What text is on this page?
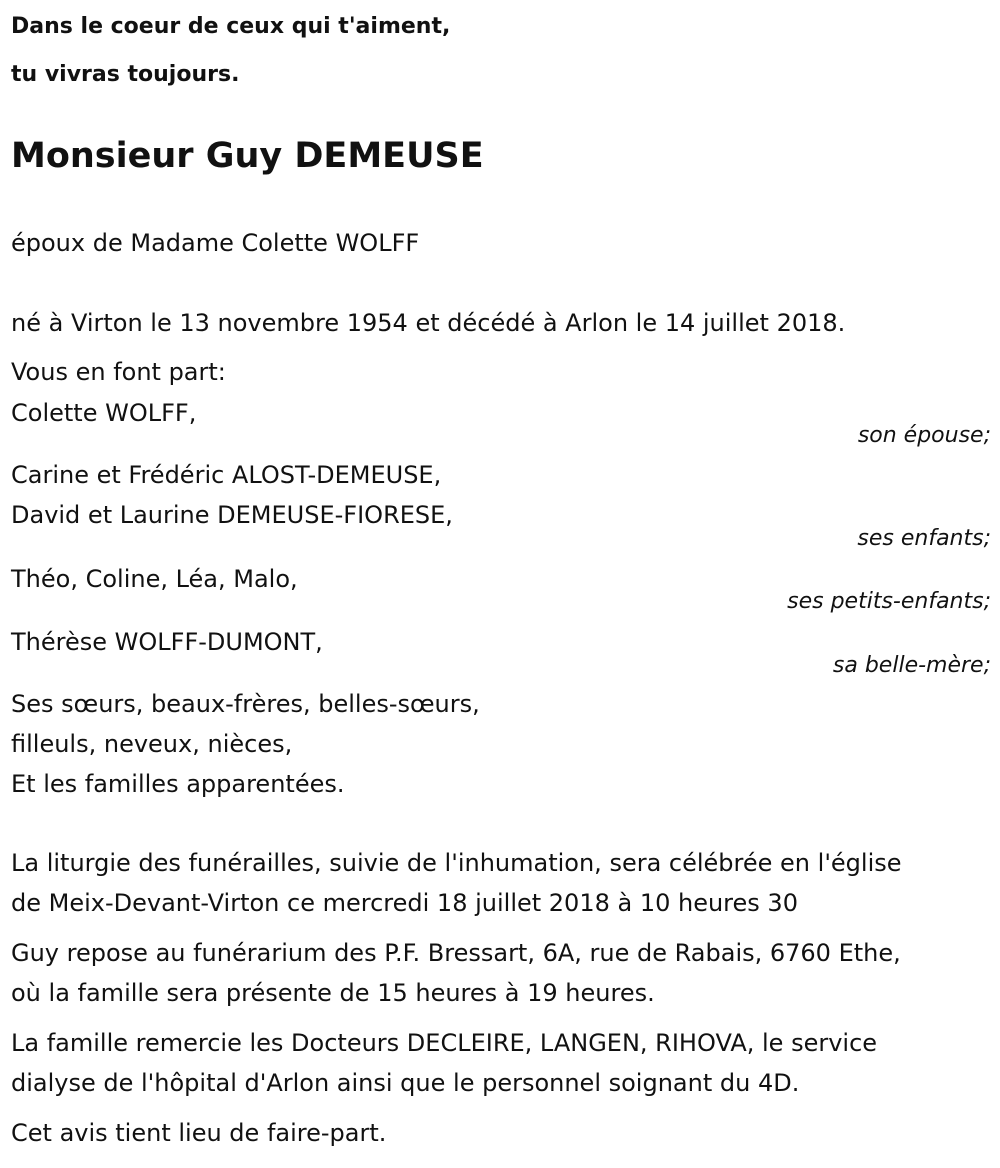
Dans le coeur de ceux qui t'aiment,
tu vivras toujours.
Monsieur Guy DEMEUSE
époux de Madame Colette WOLFF
né à Virton le 13 novembre 1954 et décédé à Arlon le 14 juillet 2018.
Vous en font part:
Colette WOLFF,
son épouse;
Carine et Frédéric ALOST-DEMEUSE,
David et Laurine DEMEUSE-FIORESE,
ses enfants;
Théo, Coline, Léa, Malo,
ses petits-enfants;
Thérèse WOLFF-DUMONT,
sa belle-mère;
Ses sœurs, beaux-frères, belles-sœurs,
filleuls, neveux, nièces,
Et les familles apparentées.
La liturgie des funérailles, suivie de l'inhumation, sera célébrée en l'église
de Meix-Devant-Virton ce mercredi 18 juillet 2018 à 10 heures 30
Guy repose au funérarium des P.F. Bressart, 6A, rue de Rabais, 6760 Ethe,
où la famille sera présente de 15 heures à 19 heures.
La famille remercie les Docteurs DECLEIRE, LANGEN, RIHOVA, le service
dialyse de l'hôpital d'Arlon ainsi que le personnel soignant du 4D.
Cet avis tient lieu de faire-part.
